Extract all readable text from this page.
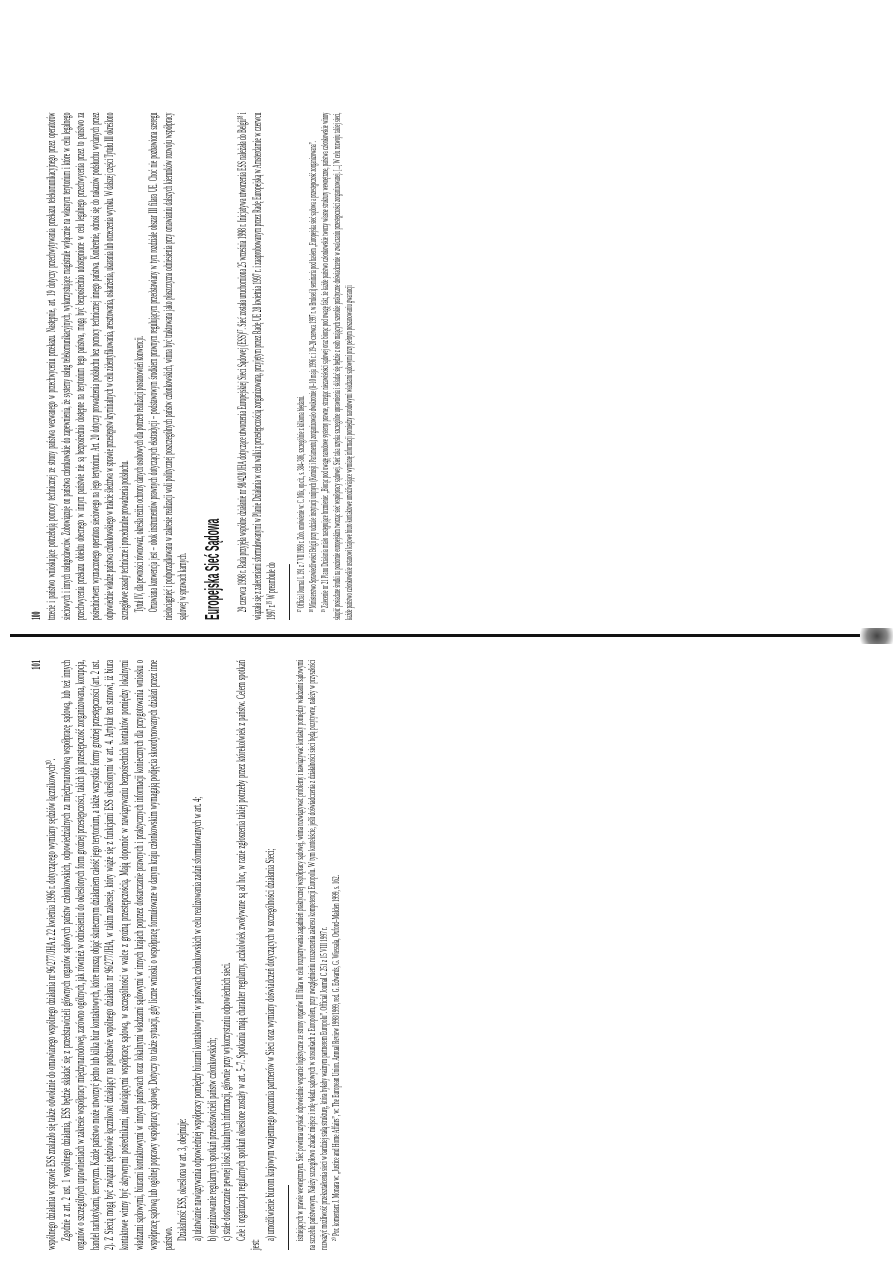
100 trzecie i państwo wnioskujące potrzebują pomocy technicznej ze strony państwa wezwanego w przechwyceniu przekazu. Następnie, art. 19 dotyczy przechwytywania przekazu telekomunikacyjnego przez operatorów sieciowych i innych usługodawców. Zobowiązuje on państwa członkowskie do zapewnienia, że systemy usług telekomunikacyjnych, wykorzystujące magistrale wyłącznie na własnym terytorium i które w celu legalnego przechwycenia przekazu obiektu obecnego w innym państwie nie są bezpośrednio dostępne na terytorium tego państwa, mogą być bezpośrednio udostępnione w celu legalnego przechwycenia przez to państwo za pośrednictwem wyznaczonego operatora sieciowego na jego terytorium. Art. 20 dotyczy prowadzenia podsłuchu bez pomocy technicznej innego państwa. Konkretnie, odnosi się do nakazów podsłuchu wydanych przez odpowiednie władze państwa członkowskiego w trakcie śledztwa w sprawie przestępstw kryminalnych w celu zidentyfikowania, aresztowania, oskarżenia, ukarania lub orzeczenia wyroku. W dalszej części Tytułu III określono szczegółowe zasady techniczne i proceduralne prowadzenia podsłuchu. Tytuł IV, dla pewności równoważ, określa reżim ochrony danych osobowych dla potrzeb realizacji postanowień konwencji. Omawiana konwencja jest – obok instrumentów prawnych dotyczących ekstradycji – podstawowym środkiem prawnym regulującym przedstawiany w tym rozdziale obszar III filara UE. Choć nie pozbawiona szeregu niedociągnięć i podporządkowana w zakresie realizacji woli politycznej poszczególnych państw członkowskich, winna być traktowana jako płaszczyzna odniesienia przy omawianiu dalszych kierunków rozwoju współpracy sądowej w sprawach karnych. Europejska Sieć Sądowa 29 czerwca 1998 r. Rada przyjęła wspólne działanie nr 98/428/JHA dotyczące utworzenia Europejskiej Sieci Sądowej (ESS)¹⁷. Sieć została uruchomiona 25 września 1998 r. Inicjatywa utworzenia ESS należała do Belgii¹⁸ i wiązała się z zaleceniami sformułowanymi w Planie Działania w celu walki z przestępczością zorganizowaną, przyjętym przez Radę UE 28 kwietnia 1997 r. i zaaprobowanym przez Radę Europejską w Amsterdamie w czerwcu 1997 r.¹⁹ W preambule do ¹⁷ Official Journal L 191 z 7 VII 1998 r. Zob. omówienie w: C. Mik, op.cit., s. 384–386, szczególnie z kilkoma błędami. ¹⁸ Ministerstwo Sprawiedliwości Belgii przy udziale instytucji unijnych (Komisji i Parlamentu) zorganizowało dwukrotnie (8–10 maja 1996 r. i 19–20 czerwca 1997 r. w Brukseli) seminaria pod hasłem „Europejska sieć sądowa a przestępczość zorganizowana”. ¹⁹ Zalecenie nr 21 Planu Działania miało następujące brzmienie: „Biorąc pod uwagę narodowe systemy prawne, strzegąc niezawisłości sądowej oraz biorąc pod uwagę fakt, że każde państwo członkowskie tworzy własne struktury wewnętrzne, państwa członkowskie winny skupić posiadane środki na poziomie europejskim tworząc sieć współpracy sądowej. Sieć taka uzyska szczególne uprawnienia i składać się będzie z osób mających szerokie praktyczne doświadczenie w zwalczaniu przestępczości zorganizowanej. [...] W celu rozwoju takiej sieci, każde państwo członkowskie ustanowi krajowe biuro kontaktowe umożliwiające wymianę informacji pomiędzy narodowymi władzami sądowymi przy pełnym poszanowaniu gwarancji

101

wspólnego działania w sprawie ESS znalazło się także odwołanie do omawianego wspólnego działania nr 96/277/JHA z 22 kwietnia 1996 r. dotyczącego wymiany sędziów łącznikowych²⁰. Zgodnie z art. 2 ust. 1 wspólnego działania, ESS będzie składać się z przedstawicieli głównych organów sądowych państw członkowskich, odpowiedzialnych za międzynarodową współpracę sądową, lub też innych organów o szczególnych uprawnieniach w zakresie współpracy międzynarodowej, zarówno ogólnych, jak również w odniesieniu do określonych form groźnej przestępczości, takich jak przestępczość zorganizowana, korupcja, handel narkotykami, terroryzm. Każde państwo może utworzyć jedno lub kilka biur kontaktowych, które muszą objąć skutecznym działaniem całość jego terytorium, a także wszystkie formy groźnej przestępczości (art. 2 ust. 2). Z Siecią mogą być związani sędziowie łącznikowi działający na podstawie wspólnego działania nr 96/277/JHA, w takim zakresie, który wiąże się z funkcjami ESS określonymi w art. 4. Artykuł ten stanowi, iż biura kontaktowe winny być aktywnymi pośrednikami, ułatwiającymi współpracę sądową, w szczególności w walce z groźną przestępczością. Mają dopomóc w nawiązywaniu bezpośrednich kontaktów pomiędzy lokalnymi władzami sądowymi, biurami kontaktowymi w innych państwach oraz lokalnymi władzami sądowymi w innych krajach poprzez dostarczanie prawnych i praktycznych informacji koniecznych dla przygotowania wniosku o współpracę sądową lub ogólnej poprawy współpracy sądowej. Dotyczy to także sytuacji, gdy liczne wnioski o współpracę formułowane w danym kraju członkowskim wymagają podjęcia skoordynowanych działań przez inne państwo. Działalność ESS, określona w art. 3, obejmuje: a) ułatwianie nawiązywania odpowiedniej współpracy pomiędzy biurami kontaktowymi w państwach członkowskich w celu realizowania zadań sformułowanych w art. 4; b) organizowanie regularnych spotkań przedstawicieli państw członkowskich; c) stałe dostarczanie pewnej ilości aktualnych informacji, głównie przy wykorzystaniu odpowiednich sieci. Cele i organizacja regularnych spotkań określone zostały w art. 5–7. Spotkania mają charakter regularny, aczkolwiek zwoływane są ad hoc, w razie zgłoszenia takiej potrzeby przez którekolwiek z państw. Celem spotkań jest:

a) umożliwienie biurom krajowym wzajemnego poznania partnerów w Sieci oraz wymiany doświadczeń dotyczących w szczególności działania Sieci; istniejących w prawie wewnętrznym. Sieć powinna uzyskać odpowiednie wsparcie logistyczne ze strony organów III filara w celu rozpatrywania zagadnień praktycznej współpracy sądowej, winna rozwiązywać problemy i nawiązywać kontakty pomiędzy władzami sądowymi na szczeblu państwowym. Należy szczegółowo zbadać miejsce i rolę władz sądowych w stosunkach z Europolem, przy uwzględnieniu rozszerzenia zakresu kompetencji Europolu. W tym kontekście, jeśli doświadczenia z działalności sieci będą pozytywne, należy w przyszłości rozważyć możliwość przekształcenia sieci w bardziej stałą strukturę, która byłaby ważnym partnerem Europolu”. Official Journal C 251 z 15 VIII 1997 r. ²⁰ Por. komentarz J. Monara w: „Justice and Home Affairs”, w: The European Union. Annual Review 1998/1999, red. G. Edwards, G. Wiessala, Oxford–Malden 1999, s. 162.
